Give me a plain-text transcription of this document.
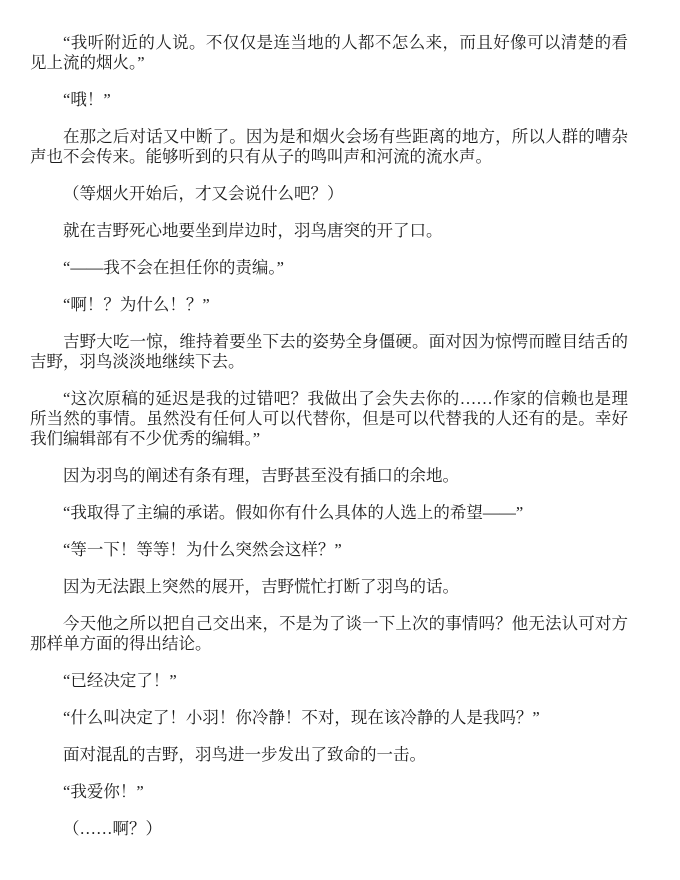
“我听附近的人说。不仅仅是连当地的人都不怎么来，而且好像可以清楚的看见上流的烟火。”

“哦！”

在那之后对话又中断了。因为是和烟火会场有些距离的地方，所以人群的嘈杂声也不会传来。能够听到的只有从子的鸣叫声和河流的流水声。

（等烟火开始后，才又会说什么吧？）

就在吉野死心地要坐到岸边时，羽鸟唐突的开了口。

“——我不会在担任你的责编。”

“啊！？为什么！？”

吉野大吃一惊，维持着要坐下去的姿势全身僵硬。面对因为惊愕而瞠目结舌的吉野，羽鸟淡淡地继续下去。

“这次原稿的延迟是我的过错吧？我做出了会失去你的……作家的信赖也是理所当然的事情。虽然没有任何人可以代替你，但是可以代替我的人还有的是。幸好我们编辑部有不少优秀的编辑。”

因为羽鸟的阐述有条有理，吉野甚至没有插口的余地。

“我取得了主编的承诺。假如你有什么具体的人选上的希望——”

“等一下！等等！为什么突然会这样？”

因为无法跟上突然的展开，吉野慌忙打断了羽鸟的话。

今天他之所以把自己交出来，不是为了谈一下上次的事情吗？他无法认可对方那样单方面的得出结论。

“已经决定了！”

“什么叫决定了！小羽！你冷静！不对，现在该冷静的人是我吗？”

面对混乱的吉野，羽鸟进一步发出了致命的一击。

“我爱你！”

（……啊？）
